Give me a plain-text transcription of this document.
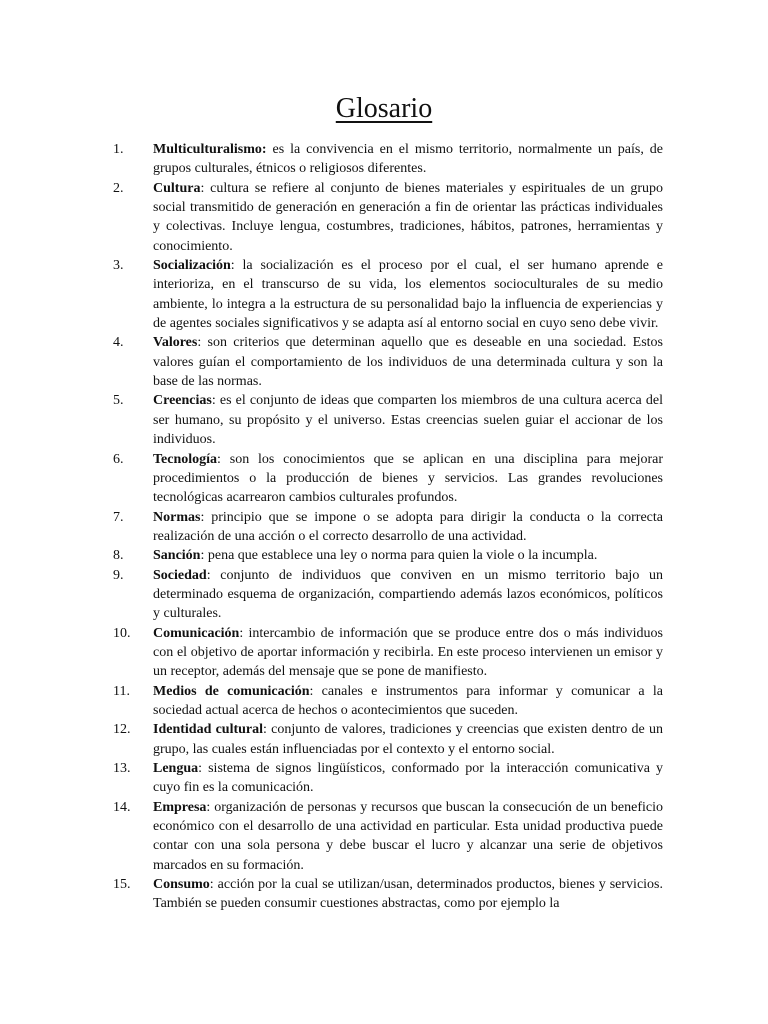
Glosario
1.	Multiculturalismo: es la convivencia en el mismo territorio, normalmente un país, de grupos culturales, étnicos o religiosos diferentes.
2.	Cultura: cultura se refiere al conjunto de bienes materiales y espirituales de un grupo social transmitido de generación en generación a fin de orientar las prácticas individuales y colectivas. Incluye lengua, costumbres, tradiciones, hábitos, patrones, herramientas y conocimiento.
3.	Socialización: la socialización es el proceso por el cual, el ser humano aprende e interioriza, en el transcurso de su vida, los elementos socioculturales de su medio ambiente, lo integra a la estructura de su personalidad bajo la influencia de experiencias y de agentes sociales significativos y se adapta así al entorno social en cuyo seno debe vivir.
4.	Valores: son criterios que determinan aquello que es deseable en una sociedad. Estos valores guían el comportamiento de los individuos de una determinada cultura y son la base de las normas.
5.	Creencias: es el conjunto de ideas que comparten los miembros de una cultura acerca del ser humano, su propósito y el universo. Estas creencias suelen guiar el accionar de los individuos.
6.	Tecnología: son los conocimientos que se aplican en una disciplina para mejorar procedimientos o la producción de bienes y servicios. Las grandes revoluciones tecnológicas acarrearon cambios culturales profundos.
7.	Normas: principio que se impone o se adopta para dirigir la conducta o la correcta realización de una acción o el correcto desarrollo de una actividad.
8.	Sanción: pena que establece una ley o norma para quien la viole o la incumpla.
9.	Sociedad: conjunto de individuos que conviven en un mismo territorio bajo un determinado esquema de organización, compartiendo además lazos económicos, políticos y culturales.
10.	Comunicación: intercambio de información que se produce entre dos o más individuos con el objetivo de aportar información y recibirla. En este proceso intervienen un emisor y un receptor, además del mensaje que se pone de manifiesto.
11.	Medios de comunicación: canales e instrumentos para informar y comunicar a la sociedad actual acerca de hechos o acontecimientos que suceden.
12.	Identidad cultural: conjunto de valores, tradiciones y creencias que existen dentro de un grupo, las cuales están influenciadas por el contexto y el entorno social.
13.	Lengua: sistema de signos lingüísticos, conformado por la interacción comunicativa y cuyo fin es la comunicación.
14.	Empresa: organización de personas y recursos que buscan la consecución de un beneficio económico con el desarrollo de una actividad en particular. Esta unidad productiva puede contar con una sola persona y debe buscar el lucro y alcanzar una serie de objetivos marcados en su formación.
15.	Consumo: acción por la cual se utilizan/usan, determinados productos, bienes y servicios. También se pueden consumir cuestiones abstractas, como por ejemplo la
